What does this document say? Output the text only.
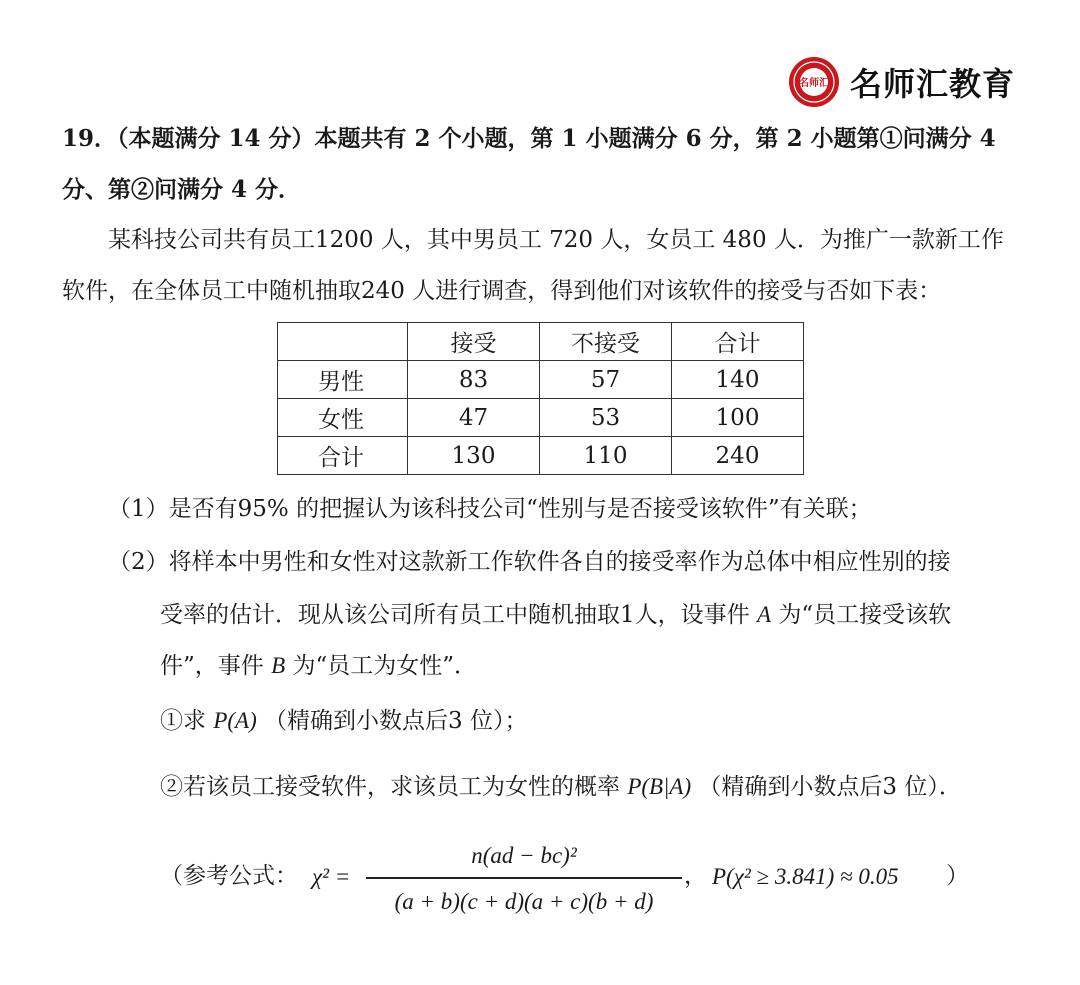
名师汇 名师汇教育
19．（本题满分 14 分）本题共有 2 个小题，第 1 小题满分 6 分，第 2 小题第①问满分 4
分、第②问满分 4 分．
某科技公司共有员工1200 人，其中男员工 720 人，女员工 480 人．为推广一款新工作
软件，在全体员工中随机抽取240 人进行调查，得到他们对该软件的接受与否如下表：
	接受	不接受	合计
男性	83	57	140
女性	47	53	100
合计	130	110	240
（1）是否有95% 的把握认为该科技公司“性别与是否接受该软件”有关联；
（2）将样本中男性和女性对这款新工作软件各自的接受率作为总体中相应性别的接
受率的估计．现从该公司所有员工中随机抽取1人，设事件 A 为“员工接受该软
件”，事件 B 为“员工为女性”．
①求 P(A) （精确到小数点后3 位）；
②若该员工接受软件，求该员工为女性的概率 P(B|A) （精确到小数点后3 位）．
（参考公式： χ² =
n(ad − bc)²
(a + b)(c + d)(a + c)(b + d)
， P(χ² ≥ 3.841) ≈ 0.05 ）
